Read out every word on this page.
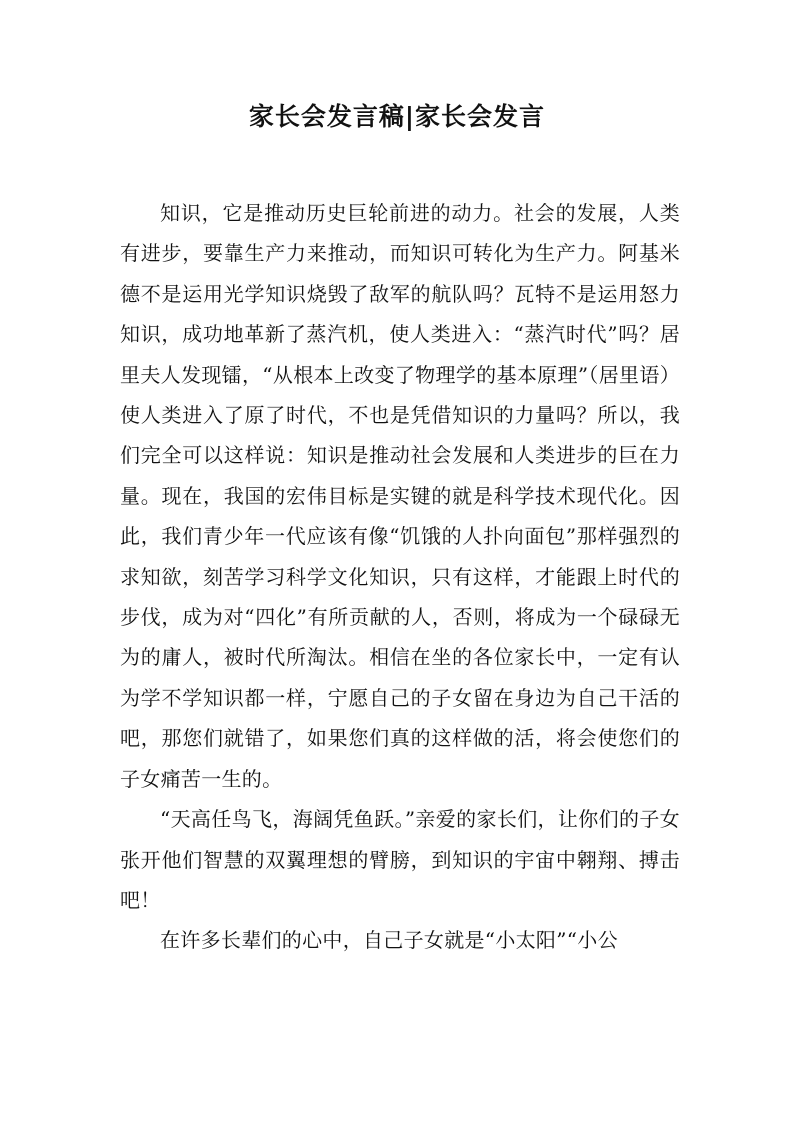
家长会发言稿|家长会发言

知识，它是推动历史巨轮前进的动力。社会的发展，人类有进步，要靠生产力来推动，而知识可转化为生产力。阿基米德不是运用光学知识烧毁了敌军的航队吗？瓦特不是运用怒力知识，成功地革新了蒸汽机，使人类进入：“蒸汽时代”吗？居里夫人发现镭，“从根本上改变了物理学的基本原理”（居里语）使人类进入了原了时代，不也是凭借知识的力量吗？所以，我们完全可以这样说：知识是推动社会发展和人类进步的巨在力量。现在，我国的宏伟目标是实键的就是科学技术现代化。因此，我们青少年一代应该有像“饥饿的人扑向面包”那样强烈的求知欲，刻苦学习科学文化知识，只有这样，才能跟上时代的步伐，成为对“四化”有所贡献的人，否则，将成为一个碌碌无为的庸人，被时代所淘汰。相信在坐的各位家长中，一定有认为学不学知识都一样，宁愿自己的子女留在身边为自己干活的吧，那您们就错了，如果您们真的这样做的活，将会使您们的子女痛苦一生的。

“天高任鸟飞，海阔凭鱼跃。”亲爱的家长们，让你们的子女张开他们智慧的双翼理想的臂膀，到知识的宇宙中翱翔、搏击吧！

在许多长辈们的心中，自己子女就是“小太阳”“小公
